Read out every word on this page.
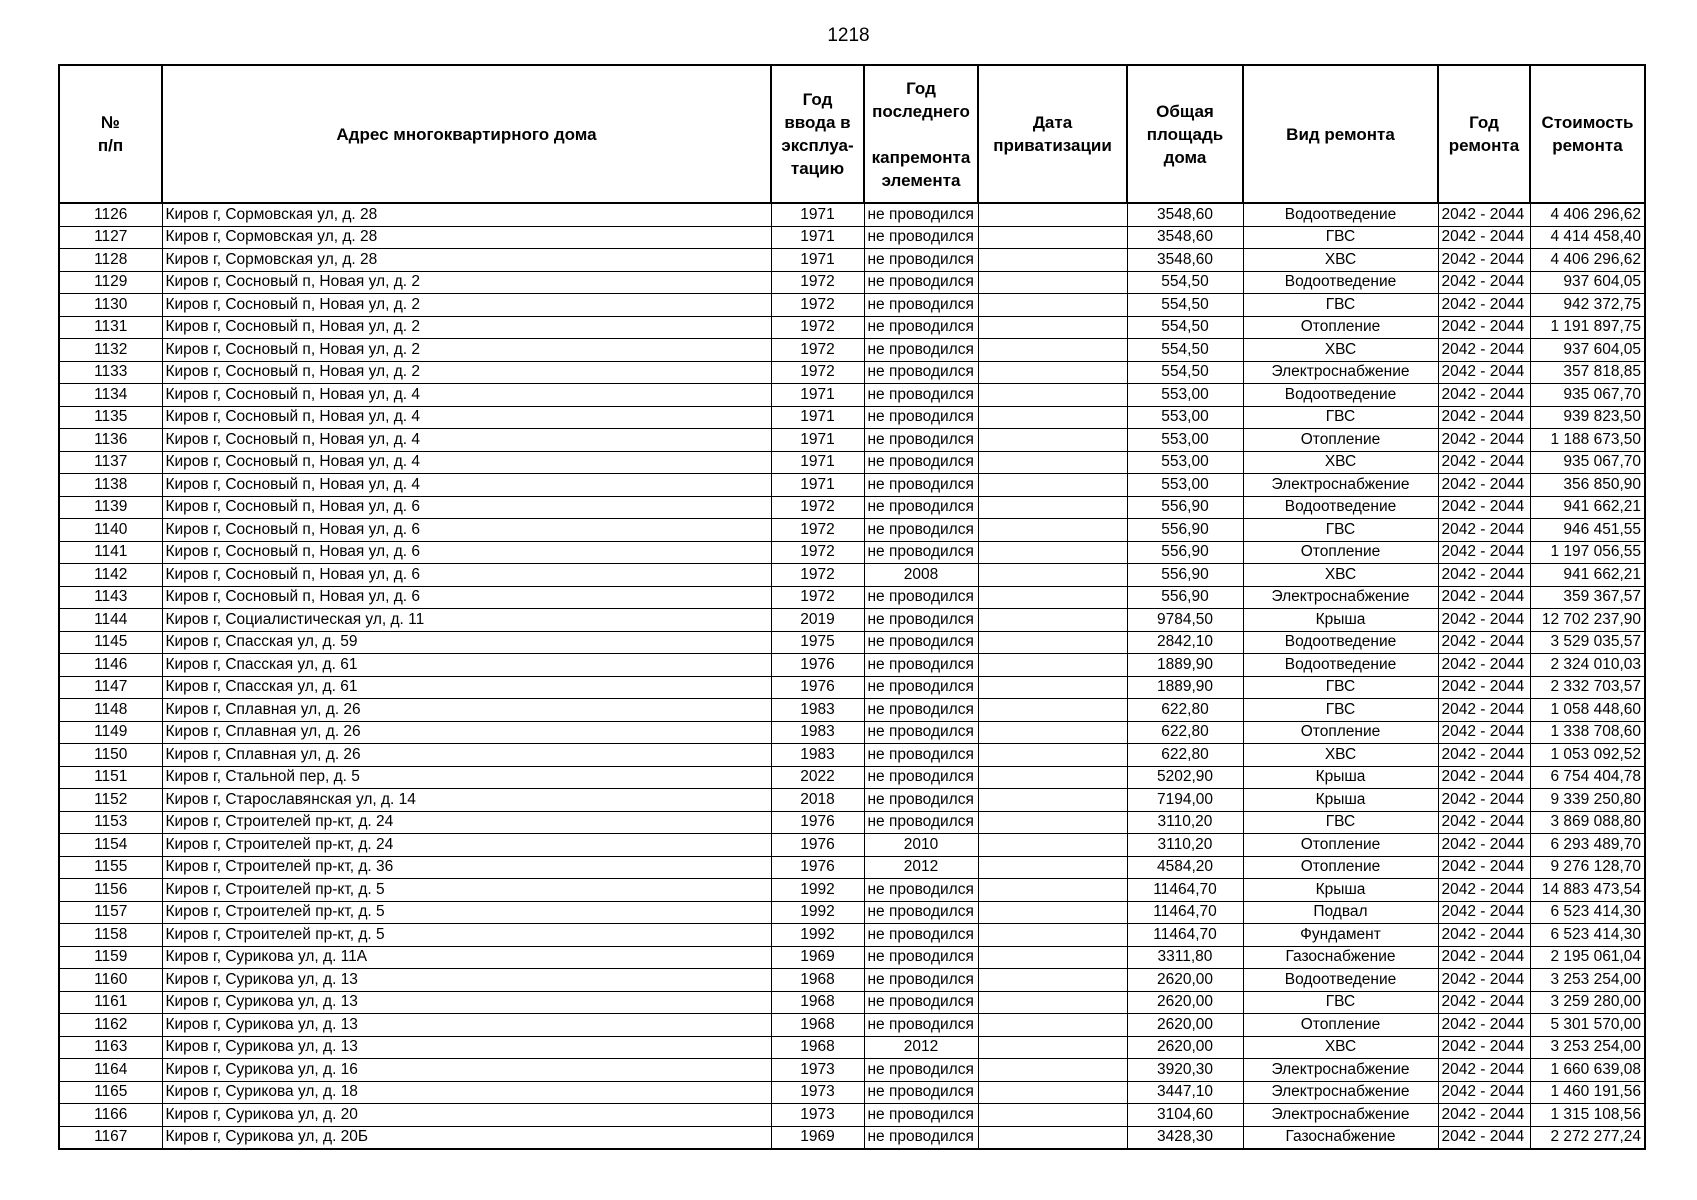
1218
№
п/п	Адрес многоквартирного дома	Год
ввода в
эксплуа-
тацию	Год
последнего

капремонта
элемента	Дата
приватизации	Общая
площадь
дома	Вид ремонта	Год
ремонта	Стоимость
ремонта
1126	Киров г, Сормовская ул, д. 28	1971	не проводился		3548,60	Водоотведение	2042 - 2044	4 406 296,62
1127	Киров г, Сормовская ул, д. 28	1971	не проводился		3548,60	ГВС	2042 - 2044	4 414 458,40
1128	Киров г, Сормовская ул, д. 28	1971	не проводился		3548,60	ХВС	2042 - 2044	4 406 296,62
1129	Киров г, Сосновый п, Новая ул, д. 2	1972	не проводился		554,50	Водоотведение	2042 - 2044	937 604,05
1130	Киров г, Сосновый п, Новая ул, д. 2	1972	не проводился		554,50	ГВС	2042 - 2044	942 372,75
1131	Киров г, Сосновый п, Новая ул, д. 2	1972	не проводился		554,50	Отопление	2042 - 2044	1 191 897,75
1132	Киров г, Сосновый п, Новая ул, д. 2	1972	не проводился		554,50	ХВС	2042 - 2044	937 604,05
1133	Киров г, Сосновый п, Новая ул, д. 2	1972	не проводился		554,50	Электроснабжение	2042 - 2044	357 818,85
1134	Киров г, Сосновый п, Новая ул, д. 4	1971	не проводился		553,00	Водоотведение	2042 - 2044	935 067,70
1135	Киров г, Сосновый п, Новая ул, д. 4	1971	не проводился		553,00	ГВС	2042 - 2044	939 823,50
1136	Киров г, Сосновый п, Новая ул, д. 4	1971	не проводился		553,00	Отопление	2042 - 2044	1 188 673,50
1137	Киров г, Сосновый п, Новая ул, д. 4	1971	не проводился		553,00	ХВС	2042 - 2044	935 067,70
1138	Киров г, Сосновый п, Новая ул, д. 4	1971	не проводился		553,00	Электроснабжение	2042 - 2044	356 850,90
1139	Киров г, Сосновый п, Новая ул, д. 6	1972	не проводился		556,90	Водоотведение	2042 - 2044	941 662,21
1140	Киров г, Сосновый п, Новая ул, д. 6	1972	не проводился		556,90	ГВС	2042 - 2044	946 451,55
1141	Киров г, Сосновый п, Новая ул, д. 6	1972	не проводился		556,90	Отопление	2042 - 2044	1 197 056,55
1142	Киров г, Сосновый п, Новая ул, д. 6	1972	2008		556,90	ХВС	2042 - 2044	941 662,21
1143	Киров г, Сосновый п, Новая ул, д. 6	1972	не проводился		556,90	Электроснабжение	2042 - 2044	359 367,57
1144	Киров г, Социалистическая ул, д. 11	2019	не проводился		9784,50	Крыша	2042 - 2044	12 702 237,90
1145	Киров г, Спасская ул, д. 59	1975	не проводился		2842,10	Водоотведение	2042 - 2044	3 529 035,57
1146	Киров г, Спасская ул, д. 61	1976	не проводился		1889,90	Водоотведение	2042 - 2044	2 324 010,03
1147	Киров г, Спасская ул, д. 61	1976	не проводился		1889,90	ГВС	2042 - 2044	2 332 703,57
1148	Киров г, Сплавная ул, д. 26	1983	не проводился		622,80	ГВС	2042 - 2044	1 058 448,60
1149	Киров г, Сплавная ул, д. 26	1983	не проводился		622,80	Отопление	2042 - 2044	1 338 708,60
1150	Киров г, Сплавная ул, д. 26	1983	не проводился		622,80	ХВС	2042 - 2044	1 053 092,52
1151	Киров г, Стальной пер, д. 5	2022	не проводился		5202,90	Крыша	2042 - 2044	6 754 404,78
1152	Киров г, Старославянская ул, д. 14	2018	не проводился		7194,00	Крыша	2042 - 2044	9 339 250,80
1153	Киров г, Строителей пр-кт, д. 24	1976	не проводился		3110,20	ГВС	2042 - 2044	3 869 088,80
1154	Киров г, Строителей пр-кт, д. 24	1976	2010		3110,20	Отопление	2042 - 2044	6 293 489,70
1155	Киров г, Строителей пр-кт, д. 36	1976	2012		4584,20	Отопление	2042 - 2044	9 276 128,70
1156	Киров г, Строителей пр-кт, д. 5	1992	не проводился		11464,70	Крыша	2042 - 2044	14 883 473,54
1157	Киров г, Строителей пр-кт, д. 5	1992	не проводился		11464,70	Подвал	2042 - 2044	6 523 414,30
1158	Киров г, Строителей пр-кт, д. 5	1992	не проводился		11464,70	Фундамент	2042 - 2044	6 523 414,30
1159	Киров г, Сурикова ул, д. 11А	1969	не проводился		3311,80	Газоснабжение	2042 - 2044	2 195 061,04
1160	Киров г, Сурикова ул, д. 13	1968	не проводился		2620,00	Водоотведение	2042 - 2044	3 253 254,00
1161	Киров г, Сурикова ул, д. 13	1968	не проводился		2620,00	ГВС	2042 - 2044	3 259 280,00
1162	Киров г, Сурикова ул, д. 13	1968	не проводился		2620,00	Отопление	2042 - 2044	5 301 570,00
1163	Киров г, Сурикова ул, д. 13	1968	2012		2620,00	ХВС	2042 - 2044	3 253 254,00
1164	Киров г, Сурикова ул, д. 16	1973	не проводился		3920,30	Электроснабжение	2042 - 2044	1 660 639,08
1165	Киров г, Сурикова ул, д. 18	1973	не проводился		3447,10	Электроснабжение	2042 - 2044	1 460 191,56
1166	Киров г, Сурикова ул, д. 20	1973	не проводился		3104,60	Электроснабжение	2042 - 2044	1 315 108,56
1167	Киров г, Сурикова ул, д. 20Б	1969	не проводился		3428,30	Газоснабжение	2042 - 2044	2 272 277,24
